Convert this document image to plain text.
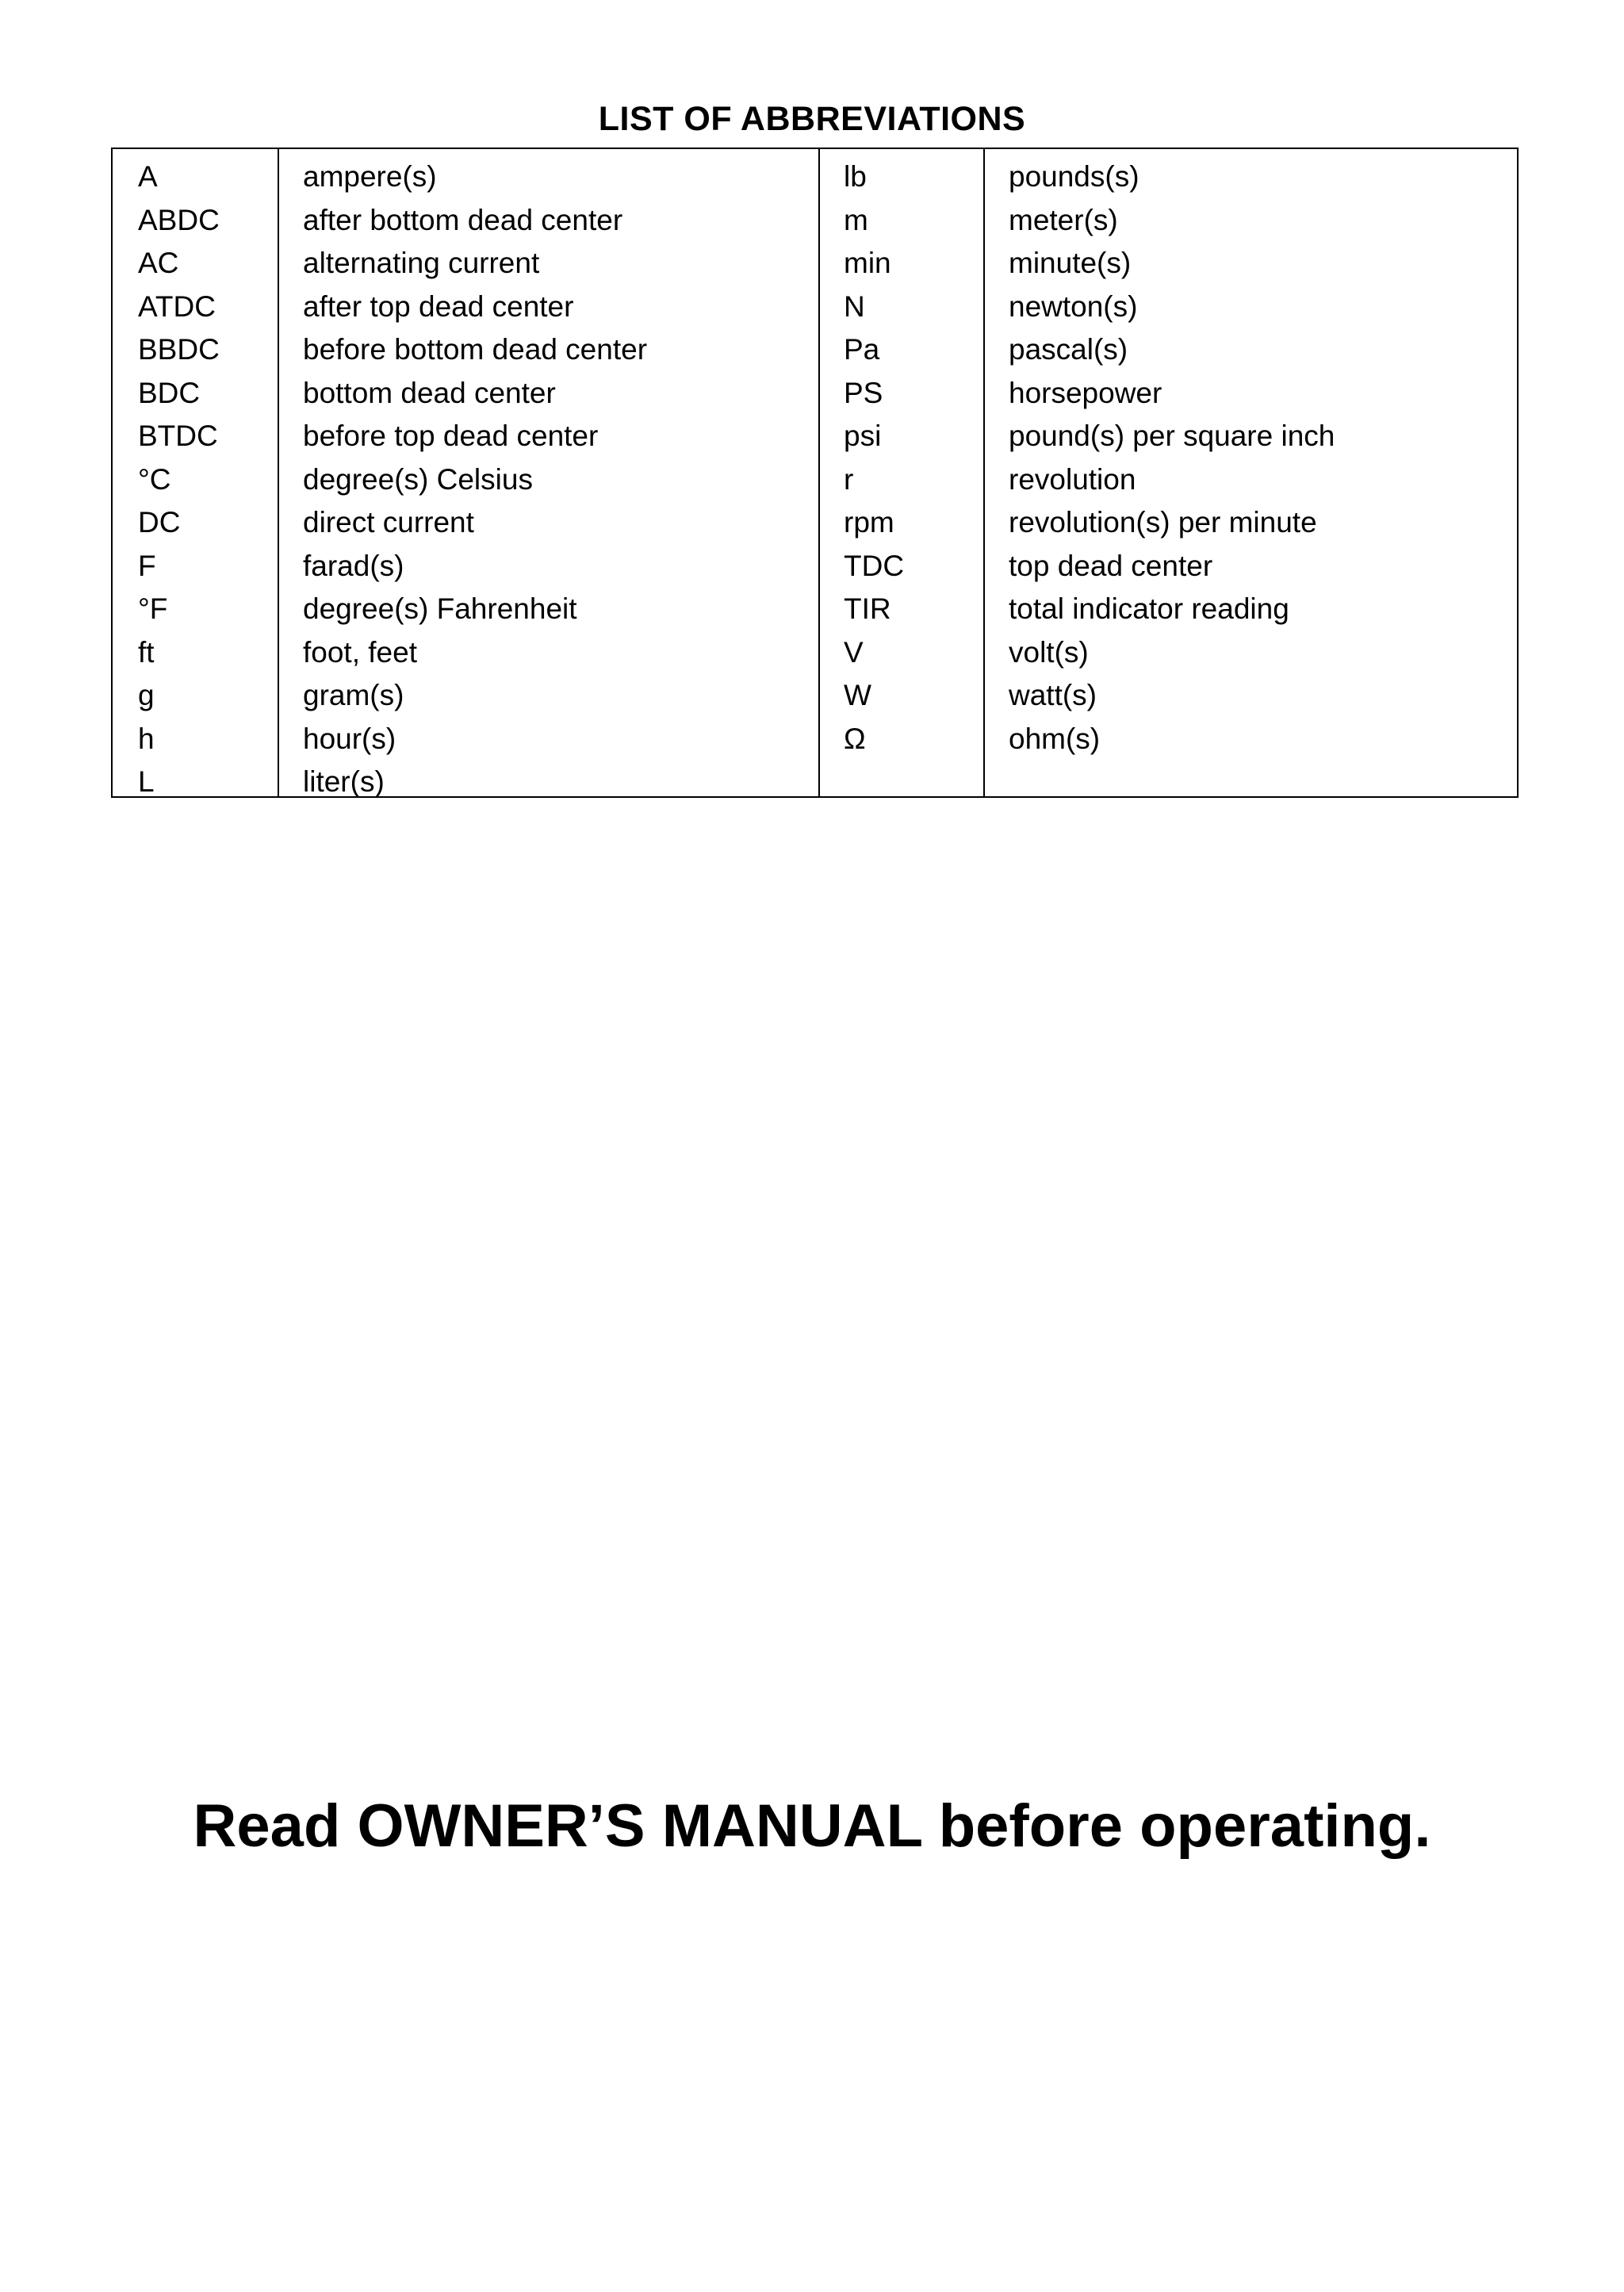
LIST OF ABBREVIATIONS
A
ABDC
AC
ATDC
BBDC
BDC
BTDC
°C
DC
F
°F
ft
g
h
L
ampere(s)
after bottom dead center
alternating current
after top dead center
before bottom dead center
bottom dead center
before top dead center
degree(s) Celsius
direct current
farad(s)
degree(s) Fahrenheit
foot, feet
gram(s)
hour(s)
liter(s)
lb
m
min
N
Pa
PS
psi
r
rpm
TDC
TIR
V
W
Ω
pounds(s)
meter(s)
minute(s)
newton(s)
pascal(s)
horsepower
pound(s) per square inch
revolution
revolution(s) per minute
top dead center
total indicator reading
volt(s)
watt(s)
ohm(s)
Read OWNER’S MANUAL before operating.
